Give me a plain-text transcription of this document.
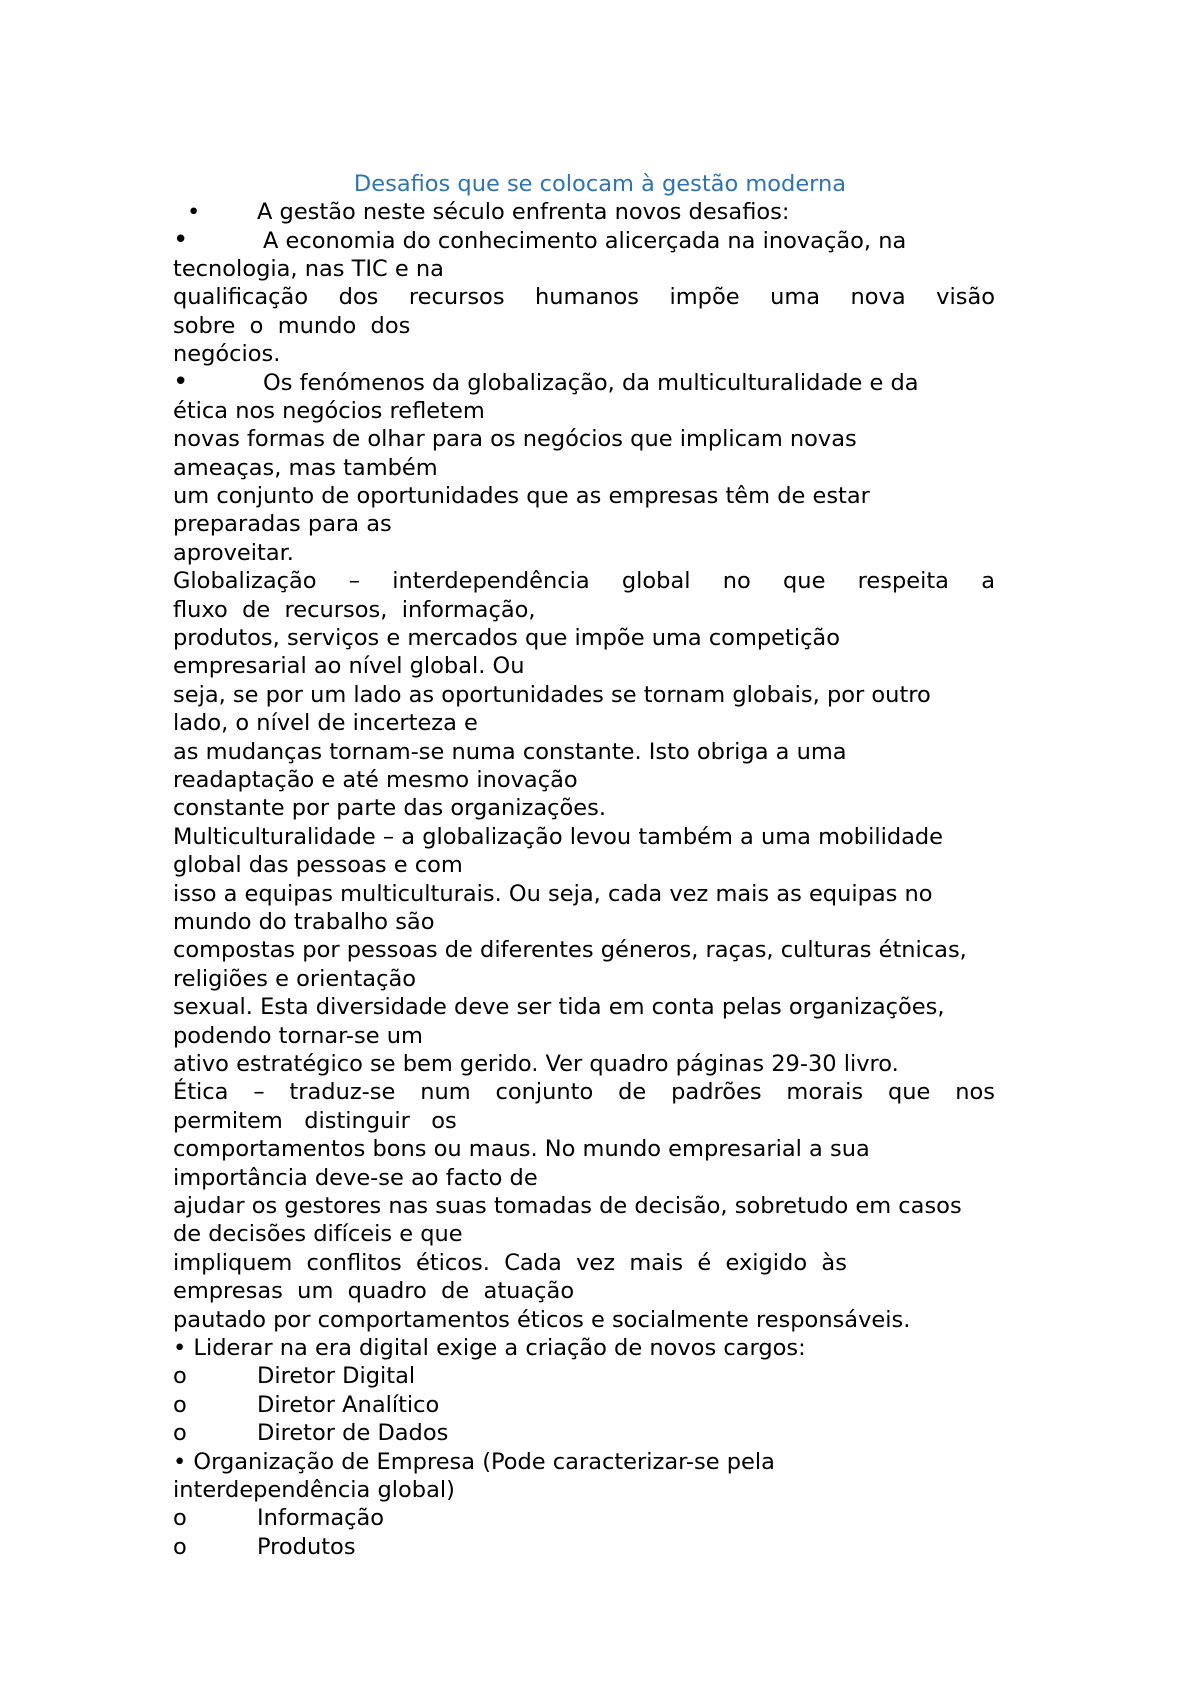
Desafios que se colocam à gestão moderna
•	A gestão neste século enfrenta novos desafios:
•	A economia do conhecimento alicerçada na inovação, na
tecnologia, nas TIC e na
qualificação dos recursos humanos impõe uma nova visão
sobre  o  mundo  dos
negócios.
•	Os fenómenos da globalização, da multiculturalidade e da
ética nos negócios refletem
novas formas de olhar para os negócios que implicam novas
ameaças, mas também
um conjunto de oportunidades que as empresas têm de estar
preparadas para as
aproveitar.
Globalização – interdependência global no que respeita a
fluxo  de  recursos,  informação,
produtos, serviços e mercados que impõe uma competição
empresarial ao nível global. Ou
seja, se por um lado as oportunidades se tornam globais, por outro
lado, o nível de incerteza e
as mudanças tornam-se numa constante. Isto obriga a uma
readaptação e até mesmo inovação
constante por parte das organizações.
Multiculturalidade – a globalização levou também a uma mobilidade
global das pessoas e com
isso a equipas multiculturais. Ou seja, cada vez mais as equipas no
mundo do trabalho são
compostas por pessoas de diferentes géneros, raças, culturas étnicas,
religiões e orientação
sexual. Esta diversidade deve ser tida em conta pelas organizações,
podendo tornar-se um
ativo estratégico se bem gerido. Ver quadro páginas 29-30 livro.
Ética – traduz-se num conjunto de padrões morais que nos
permitem   distinguir   os
comportamentos bons ou maus. No mundo empresarial a sua
importância deve-se ao facto de
ajudar os gestores nas suas tomadas de decisão, sobretudo em casos
de decisões difíceis e que
impliquem  conflitos  éticos.  Cada  vez  mais  é  exigido  às
empresas  um  quadro  de  atuação
pautado por comportamentos éticos e socialmente responsáveis.
• Liderar na era digital exige a criação de novos cargos:
o	Diretor Digital
o	Diretor Analítico
o	Diretor de Dados
• Organização de Empresa (Pode caracterizar-se pela
interdependência global)
o	Informação
o	Produtos
